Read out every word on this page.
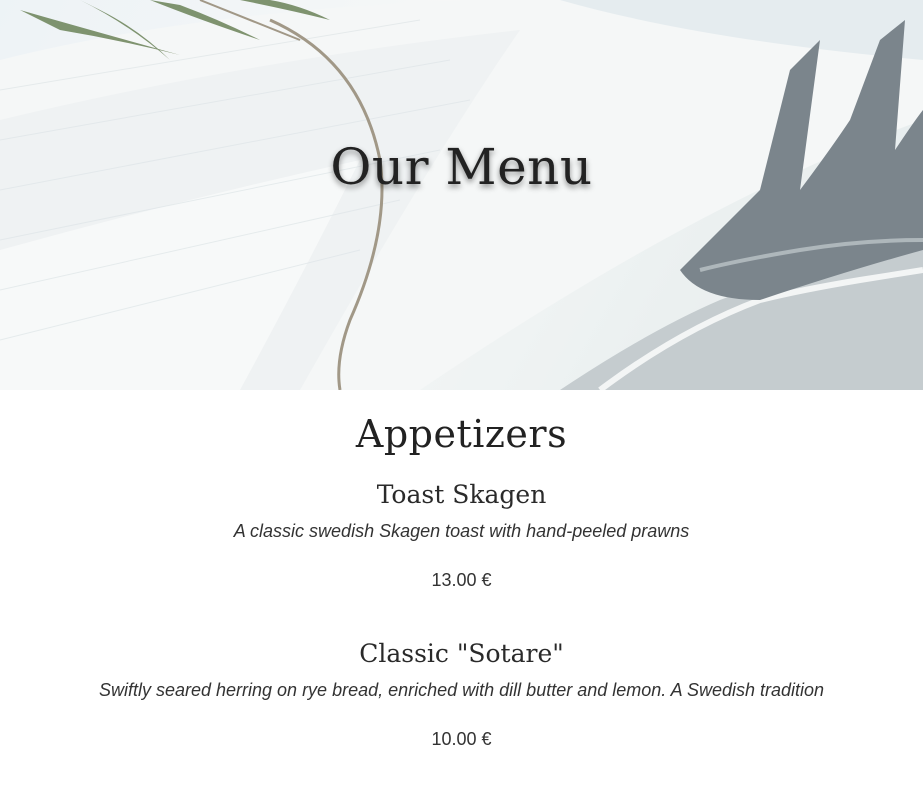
Our Menu
Appetizers
Toast Skagen

A classic swedish Skagen toast with hand-peeled prawns

13.00 €

Classic "Sotare"

Swiftly seared herring on rye bread, enriched with dill butter and lemon. A Swedish tradition

10.00 €
